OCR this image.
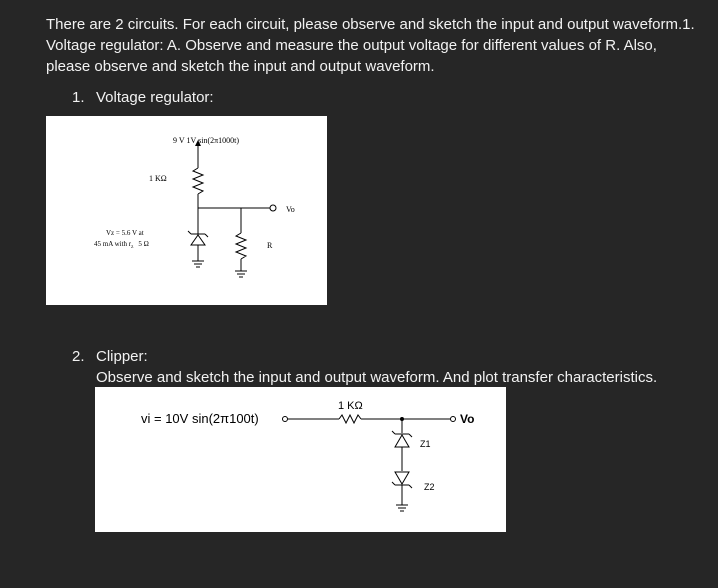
There are 2 circuits. For each circuit, please observe and sketch the input and output waveform.1. Voltage regulator: A. Observe and measure the output voltage for different values of R. Also, please observe and sketch the input and output waveform.

1. Voltage regulator:
9 V 1V sin(2π1000t)
1 KΩ
Vz = 5.6 V at
45 mA with $r_z$ 5 Ω
Vo
R
2. Clipper:
Observe and sketch the input and output waveform. And plot transfer characteristics.
vi = 10V sin(2π100t)
1 KΩ
Vo
Z1
Z2
